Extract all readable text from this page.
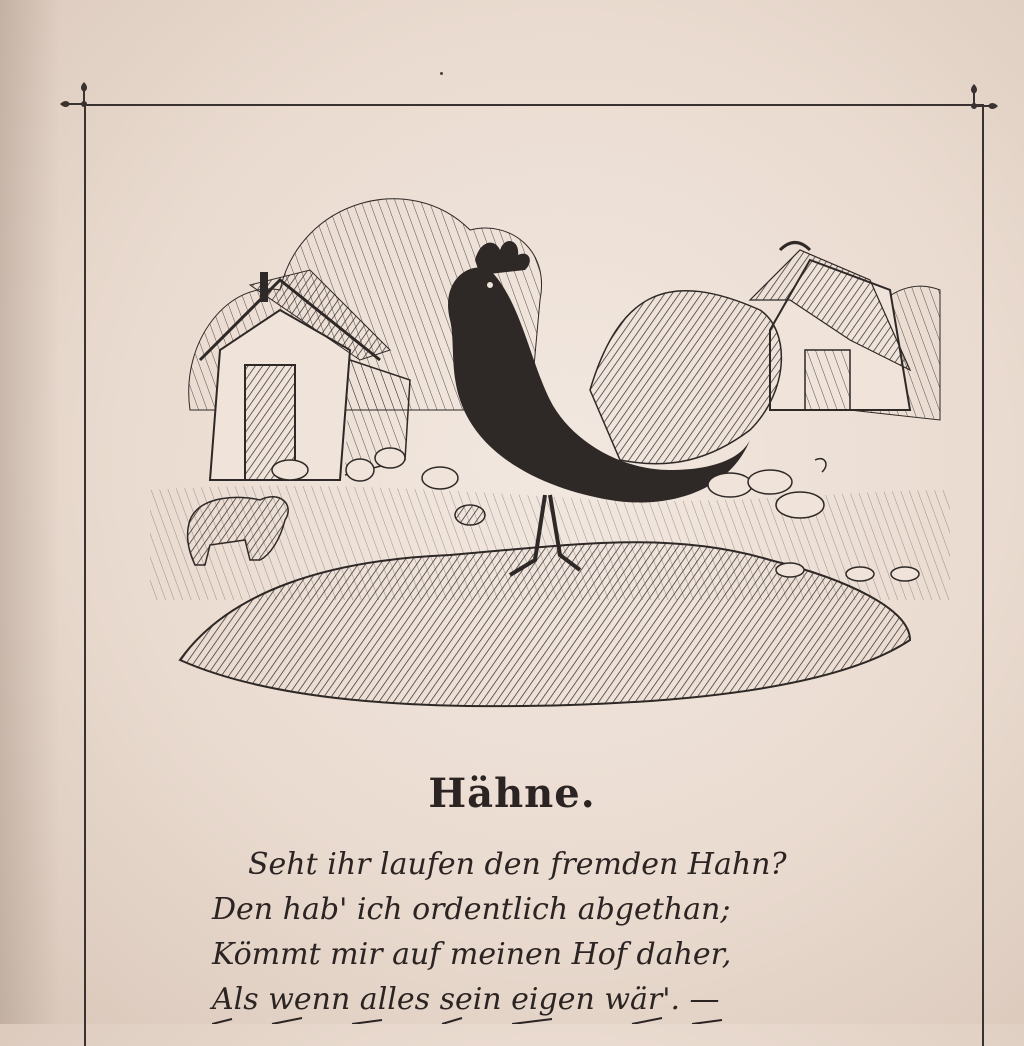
Hähne.
Seht ihr laufen den fremden Hahn?
Den hab' ich ordentlich abgethan;
Kömmt mir auf meinen Hof daher,
Als wenn alles sein eigen wär'. —
